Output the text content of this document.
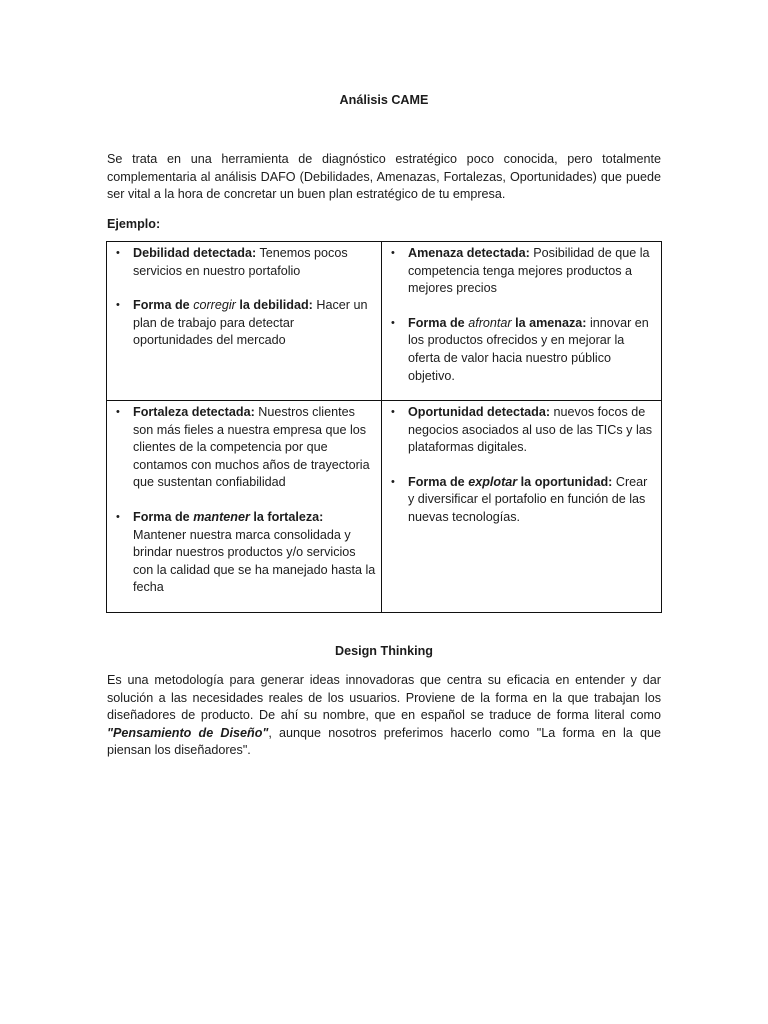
Análisis CAME

Se trata en una herramienta de diagnóstico estratégico poco conocida, pero totalmente complementaria al análisis DAFO (Debilidades, Amenazas, Fortalezas, Oportunidades) que puede ser vital a la hora de concretar un buen plan estratégico de tu empresa.

Ejemplo:
• Debilidad detectada: Tenemos pocos servicios en nuestro portafolio
• Forma de corregir la debilidad: Hacer un plan de trabajo para detectar oportunidades del mercado
• Amenaza detectada: Posibilidad de que la competencia tenga mejores productos a mejores precios
• Forma de afrontar la amenaza: innovar en los productos ofrecidos y en mejorar la oferta de valor hacia nuestro público objetivo.
• Fortaleza detectada: Nuestros clientes son más fieles a nuestra empresa que los clientes de la competencia por que contamos con muchos años de trayectoria que sustentan confiabilidad
• Forma de mantener la fortaleza: Mantener nuestra marca consolidada y brindar nuestros productos y/o servicios con la calidad que se ha manejado hasta la fecha
• Oportunidad detectada: nuevos focos de negocios asociados al uso de las TICs y las plataformas digitales.
• Forma de explotar la oportunidad: Crear y diversificar el portafolio en función de las nuevas tecnologías.
Design Thinking

Es una metodología para generar ideas innovadoras que centra su eficacia en entender y dar solución a las necesidades reales de los usuarios. Proviene de la forma en la que trabajan los diseñadores de producto. De ahí su nombre, que en español se traduce de forma literal como "Pensamiento de Diseño", aunque nosotros preferimos hacerlo como "La forma en la que piensan los diseñadores".
